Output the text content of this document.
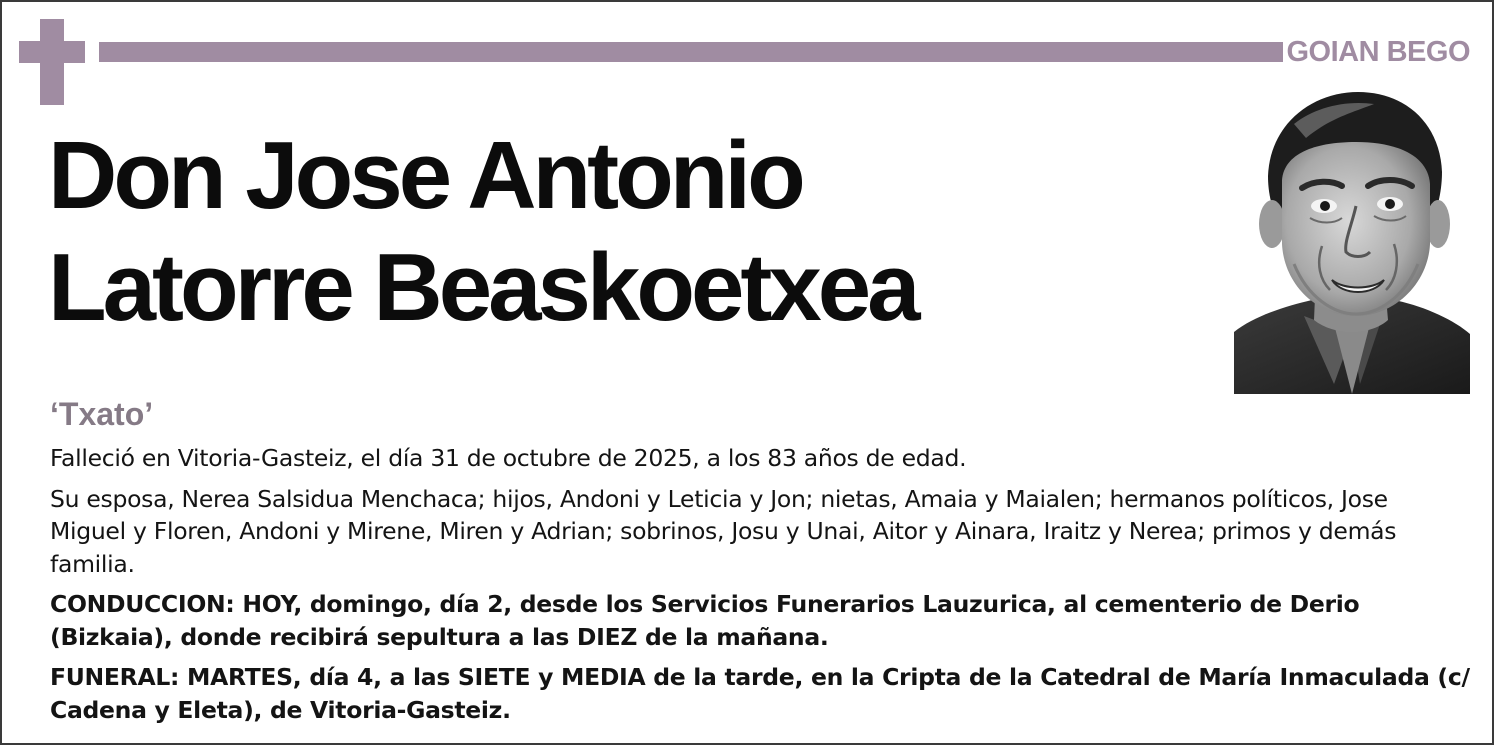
GOIAN BEGO
Don Jose Antonio
Latorre Beaskoetxea
‘Txato’

Falleció en Vitoria-Gasteiz, el día 31 de octubre de 2025, a los 83 años de edad.

Su esposa, Nerea Salsidua Menchaca; hijos, Andoni y Leticia y Jon; nietas, Amaia y Maialen; hermanos políticos, Jose Miguel y Floren, Andoni y Mirene, Miren y Adrian; sobrinos, Josu y Unai, Aitor y Ainara, Iraitz y Nerea; primos y demás familia.

CONDUCCION: HOY, domingo, día 2, desde los Servicios Funerarios Lauzurica, al cementerio de Derio (Bizkaia), donde recibirá sepultura a las DIEZ de la mañana.

FUNERAL: MARTES, día 4, a las SIETE y MEDIA de la tarde, en la Cripta de la Catedral de María Inmaculada (c/ Cadena y Eleta), de Vitoria-Gasteiz.
